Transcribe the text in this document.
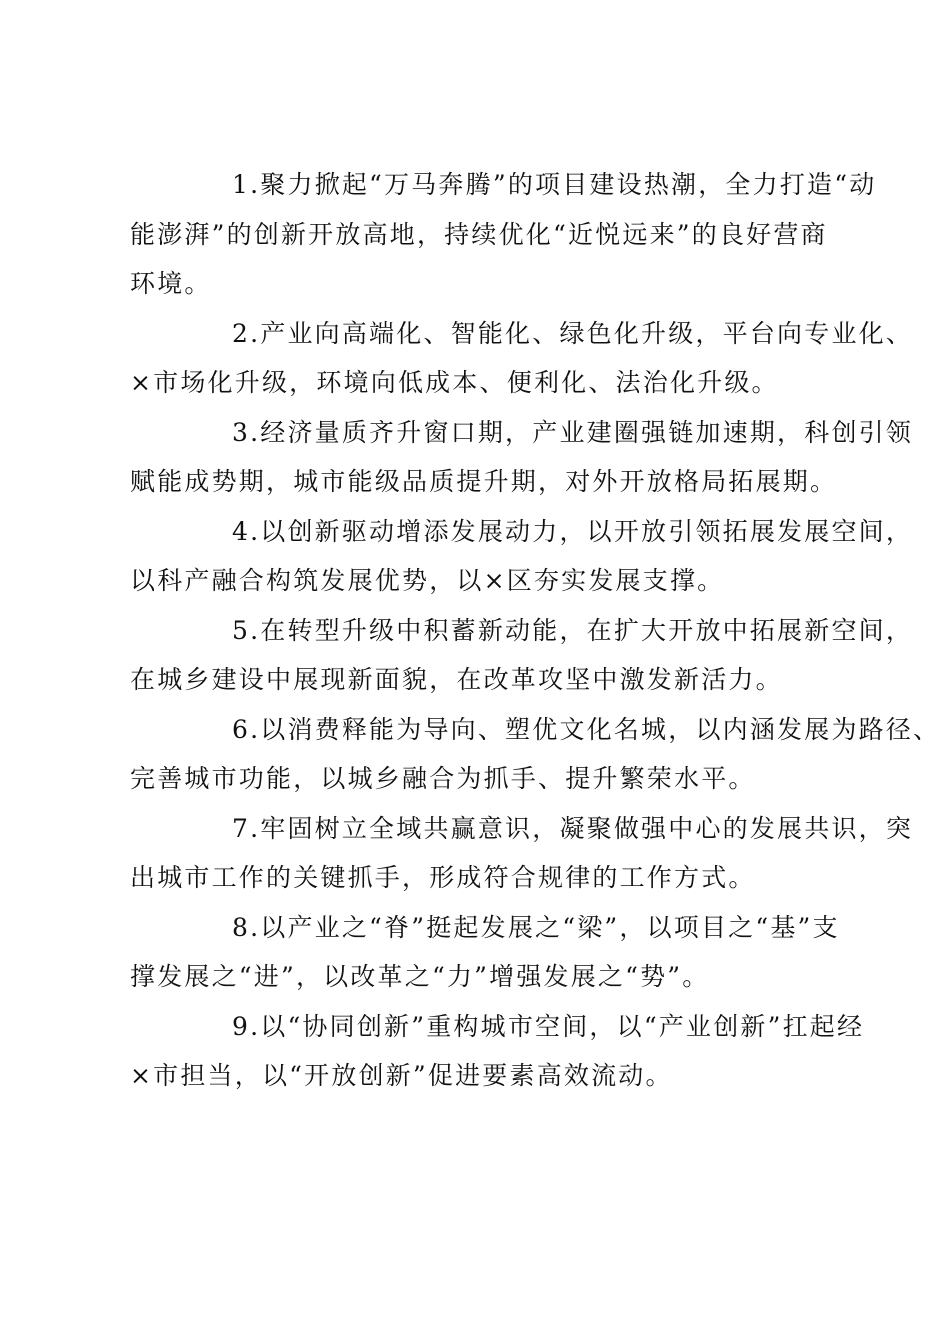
1.聚力掀起“万马奔腾”的项目建设热潮，全力打造“动
能澎湃”的创新开放高地，持续优化“近悦远来”的良好营商
环境。
2.产业向高端化、智能化、绿色化升级，平台向专业化、
×市场化升级，环境向低成本、便利化、法治化升级。
3.经济量质齐升窗口期，产业建圈强链加速期，科创引领
赋能成势期，城市能级品质提升期，对外开放格局拓展期。
4.以创新驱动增添发展动力，以开放引领拓展发展空间，
以科产融合构筑发展优势，以×区夯实发展支撑。
5.在转型升级中积蓄新动能，在扩大开放中拓展新空间，
在城乡建设中展现新面貌，在改革攻坚中激发新活力。
6.以消费释能为导向、塑优文化名城，以内涵发展为路径、
完善城市功能，以城乡融合为抓手、提升繁荣水平。
7.牢固树立全域共赢意识，凝聚做强中心的发展共识，突
出城市工作的关键抓手，形成符合规律的工作方式。
8.以产业之“脊”挺起发展之“梁”，以项目之“基”支
撑发展之“进”，以改革之“力”增强发展之“势”。
9.以“协同创新”重构城市空间，以“产业创新”扛起经
×市担当，以“开放创新”促进要素高效流动。
